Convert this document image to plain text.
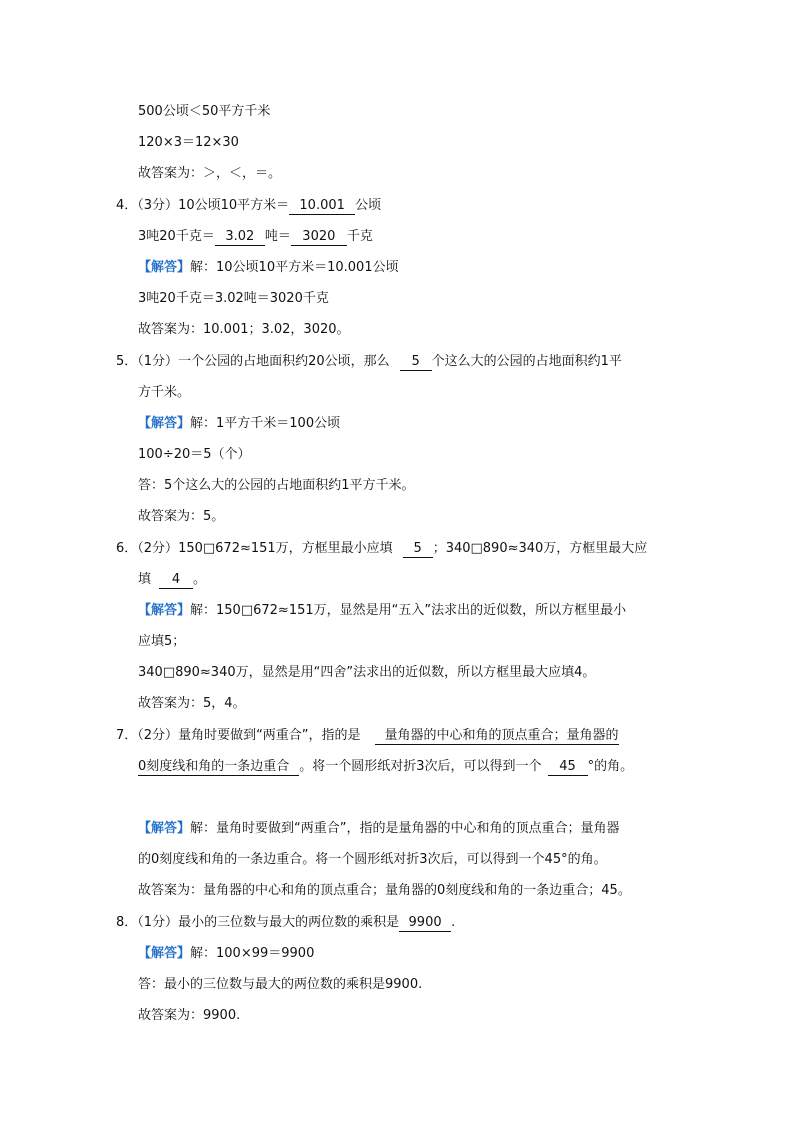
500公顷＜50平方千米
120×3＝12×30
故答案为：＞，＜，＝。
4．（3分）10公顷10平方米＝ 10.001 公顷
3吨20千克＝ 3.02 吨＝ 3020 千克
【解答】解：10公顷10平方米＝10.001公顷
3吨20千克＝3.02吨＝3020千克
故答案为：10.001；3.02，3020。
5．（1分）一个公园的占地面积约20公顷，那么 5 个这么大的公园的占地面积约1平
方千米。
【解答】解：1平方千米＝100公顷
100÷20＝5（个）
答：5个这么大的公园的占地面积约1平方千米。
故答案为：5。
6．（2分）150□672≈151万，方框里最小应填 5 ；340□890≈340万，方框里最大应
填 4 。
【解答】解：150□672≈151万，显然是用“五入”法求出的近似数，所以方框里最小
应填5；
340□890≈340万，显然是用“四舍”法求出的近似数，所以方框里最大应填4。
故答案为：5，4。
7．（2分）量角时要做到“两重合”，指的是 量角器的中心和角的顶点重合；量角器的
0刻度线和角的一条边重合 。将一个圆形纸对折3次后，可以得到一个 45 °的角。
【解答】解：量角时要做到“两重合”，指的是量角器的中心和角的顶点重合；量角器
的0刻度线和角的一条边重合。将一个圆形纸对折3次后，可以得到一个45°的角。
故答案为：量角器的中心和角的顶点重合；量角器的0刻度线和角的一条边重合；45。
8．（1分）最小的三位数与最大的两位数的乘积是 9900 .
【解答】解：100×99＝9900
答：最小的三位数与最大的两位数的乘积是9900.
故答案为：9900.
